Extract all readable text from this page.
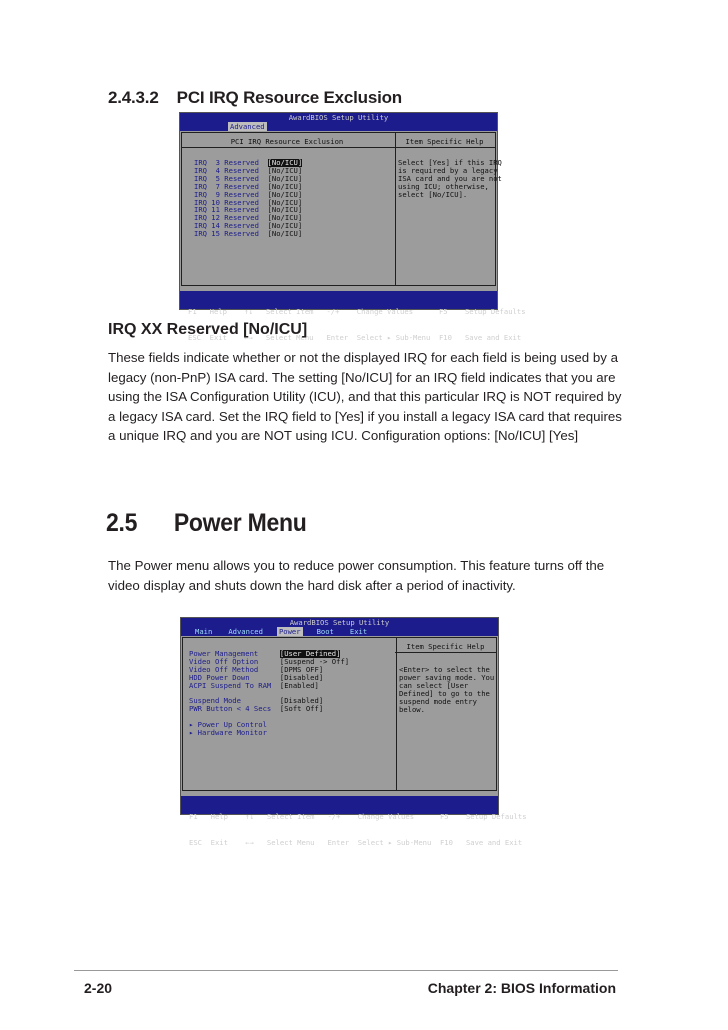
2.4.3.2    PCI IRQ Resource Exclusion
AwardBIOS Setup Utility
Advanced
PCI IRQ Resource Exclusion	Item Specific Help
IRQ  3 Reserved [No/ICU]
IRQ  4 Reserved [No/ICU]
IRQ  5 Reserved [No/ICU]
IRQ  7 Reserved [No/ICU]
IRQ  9 Reserved [No/ICU]
IRQ 10 Reserved [No/ICU]
IRQ 11 Reserved [No/ICU]
IRQ 12 Reserved [No/ICU]
IRQ 14 Reserved [No/ICU]
IRQ 15 Reserved [No/ICU]
Select [Yes] if this IRQ
is required by a legacy
ISA card and you are not
using ICU; otherwise,
select [No/ICU].

F1   Help    ↑↓   Select Item   -/+    Change Values      F5    Setup Defaults

ESC  Exit    ←→   Select Menu   Enter  Select ▸ Sub-Menu  F10   Save and Exit

IRQ XX Reserved [No/ICU]
These fields indicate whether or not the displayed IRQ for each field is being used by a legacy (non-PnP) ISA card. The setting [No/ICU] for an IRQ field indicates that you are using the ISA Configuration Utility (ICU), and that this particular IRQ is NOT required by a legacy ISA card. Set the IRQ field to [Yes] if you install a legacy ISA card that requires a unique IRQ and you are NOT using ICU. Configuration options: [No/ICU] [Yes]
2.5      Power Menu
The Power menu allows you to reduce power consumption. This feature turns off the video display and shuts down the hard disk after a period of inactivity.
AwardBIOS Setup Utility
Main Advanced Power Boot Exit
Item Specific Help
Power Management [User Defined]
Video Off Option [Suspend -> Off]
Video Off Method [DPMS OFF]
HDD Power Down [Disabled]
ACPI Suspend To RAM [Enabled]

Suspend Mode [Disabled]
PWR Button < 4 Secs [Soft Off]

▸ Power Up Control
▸ Hardware Monitor
<Enter> to select the
power saving mode. You
can select [User
Defined] to go to the
suspend mode entry
below.

F1   Help    ↑↓   Select Item   -/+    Change Values      F5    Setup Defaults

ESC  Exit    ←→   Select Menu   Enter  Select ▸ Sub-Menu  F10   Save and Exit

2-20	Chapter 2: BIOS Information
